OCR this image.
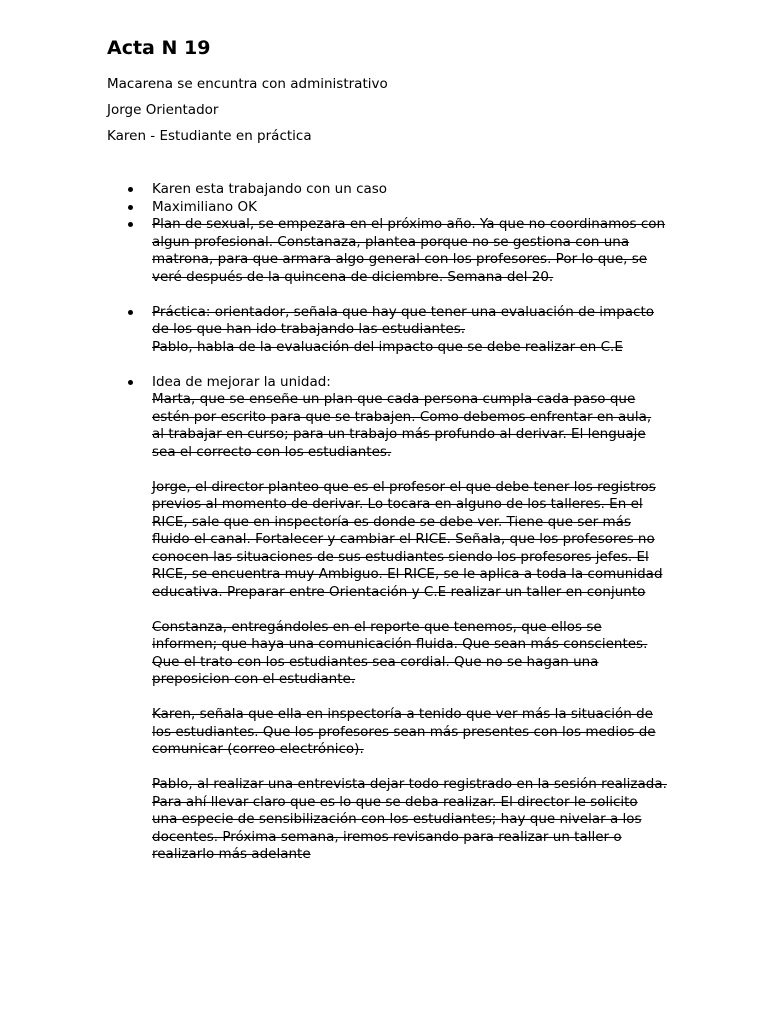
Acta N 19
Macarena se encuntra con administrativo
Jorge Orientador
Karen - Estudiante en práctica
Karen esta trabajando con un caso
Maximiliano OK
Plan de sexual, se empezara en el próximo año. Ya que no coordinamos con algun profesional. Constanaza, plantea porque no se gestiona con una matrona, para que armara algo general con los profesores. Por lo que, se veré después de la quincena de diciembre. Semana del 20.
Práctica: orientador, señala que hay que tener una evaluación de impacto de los que han ido trabajando las estudiantes.
Pablo, habla de la evaluación del impacto que se debe realizar en C.E
Idea de mejorar la unidad:
Marta, que se enseñe un plan que cada persona cumpla cada paso que estén por escrito para que se trabajen. Como debemos enfrentar en aula, al trabajar en curso; para un trabajo más profundo al derivar. El lenguaje sea el correcto con los estudiantes.
Jorge, el director planteo que es el profesor el que debe tener los registros previos al momento de derivar. Lo tocara en alguno de los talleres. En el RICE, sale que en inspectoría es donde se debe ver. Tiene que ser más fluido el canal. Fortalecer y cambiar el RICE. Señala, que los profesores no conocen las situaciones de sus estudiantes siendo los profesores jefes. El RICE, se encuentra muy Ambiguo. El RICE, se le aplica a toda la comunidad educativa. Preparar entre Orientación y C.E realizar un taller en conjunto
Constanza, entregándoles en el reporte que tenemos, que ellos se informen; que haya una comunicación fluida. Que sean más conscientes. Que el trato con los estudiantes sea cordial. Que no se hagan una preposicion con el estudiante.
Karen, señala que ella en inspectoría a tenido que ver más la situación de los estudiantes. Que los profesores sean más presentes con los medios de comunicar (correo electrónico).
Pablo, al realizar una entrevista dejar todo registrado en la sesión realizada. Para ahí llevar claro que es lo que se deba realizar. El director le solicito una especie de sensibilización con los estudiantes; hay que nivelar a los docentes. Próxima semana, iremos revisando para realizar un taller o realizarlo más adelante
